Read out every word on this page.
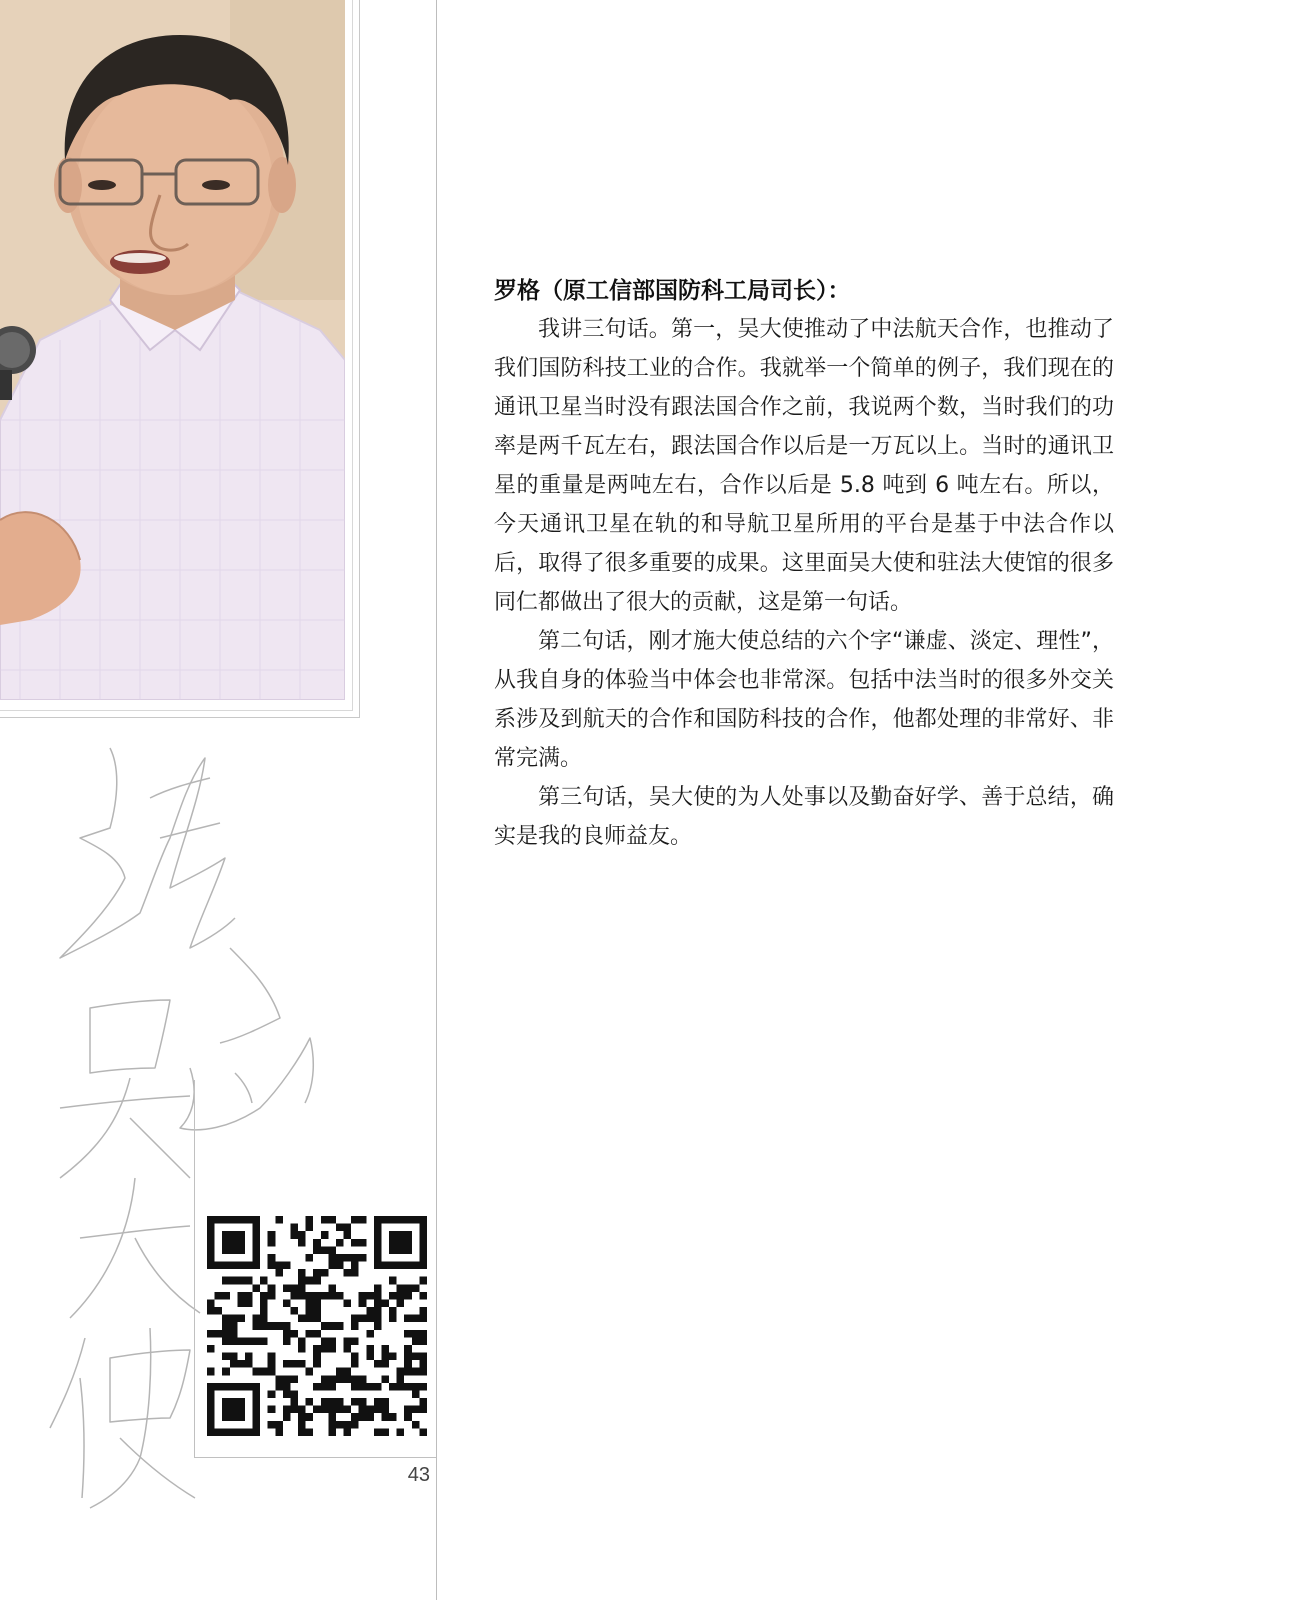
43

罗格（原工信部国防科工局司长）：

我讲三句话。第一，吴大使推动了中法航天合作，也推动了我们国防科技工业的合作。我就举一个简单的例子，我们现在的通讯卫星当时没有跟法国合作之前，我说两个数，当时我们的功率是两千瓦左右，跟法国合作以后是一万瓦以上。当时的通讯卫星的重量是两吨左右，合作以后是 5.8 吨到 6 吨左右。所以，今天通讯卫星在轨的和导航卫星所用的平台是基于中法合作以后，取得了很多重要的成果。这里面吴大使和驻法大使馆的很多同仁都做出了很大的贡献，这是第一句话。

第二句话，刚才施大使总结的六个字“谦虚、淡定、理性”，从我自身的体验当中体会也非常深。包括中法当时的很多外交关系涉及到航天的合作和国防科技的合作，他都处理的非常好、非常完满。

第三句话，吴大使的为人处事以及勤奋好学、善于总结，确实是我的良师益友。
